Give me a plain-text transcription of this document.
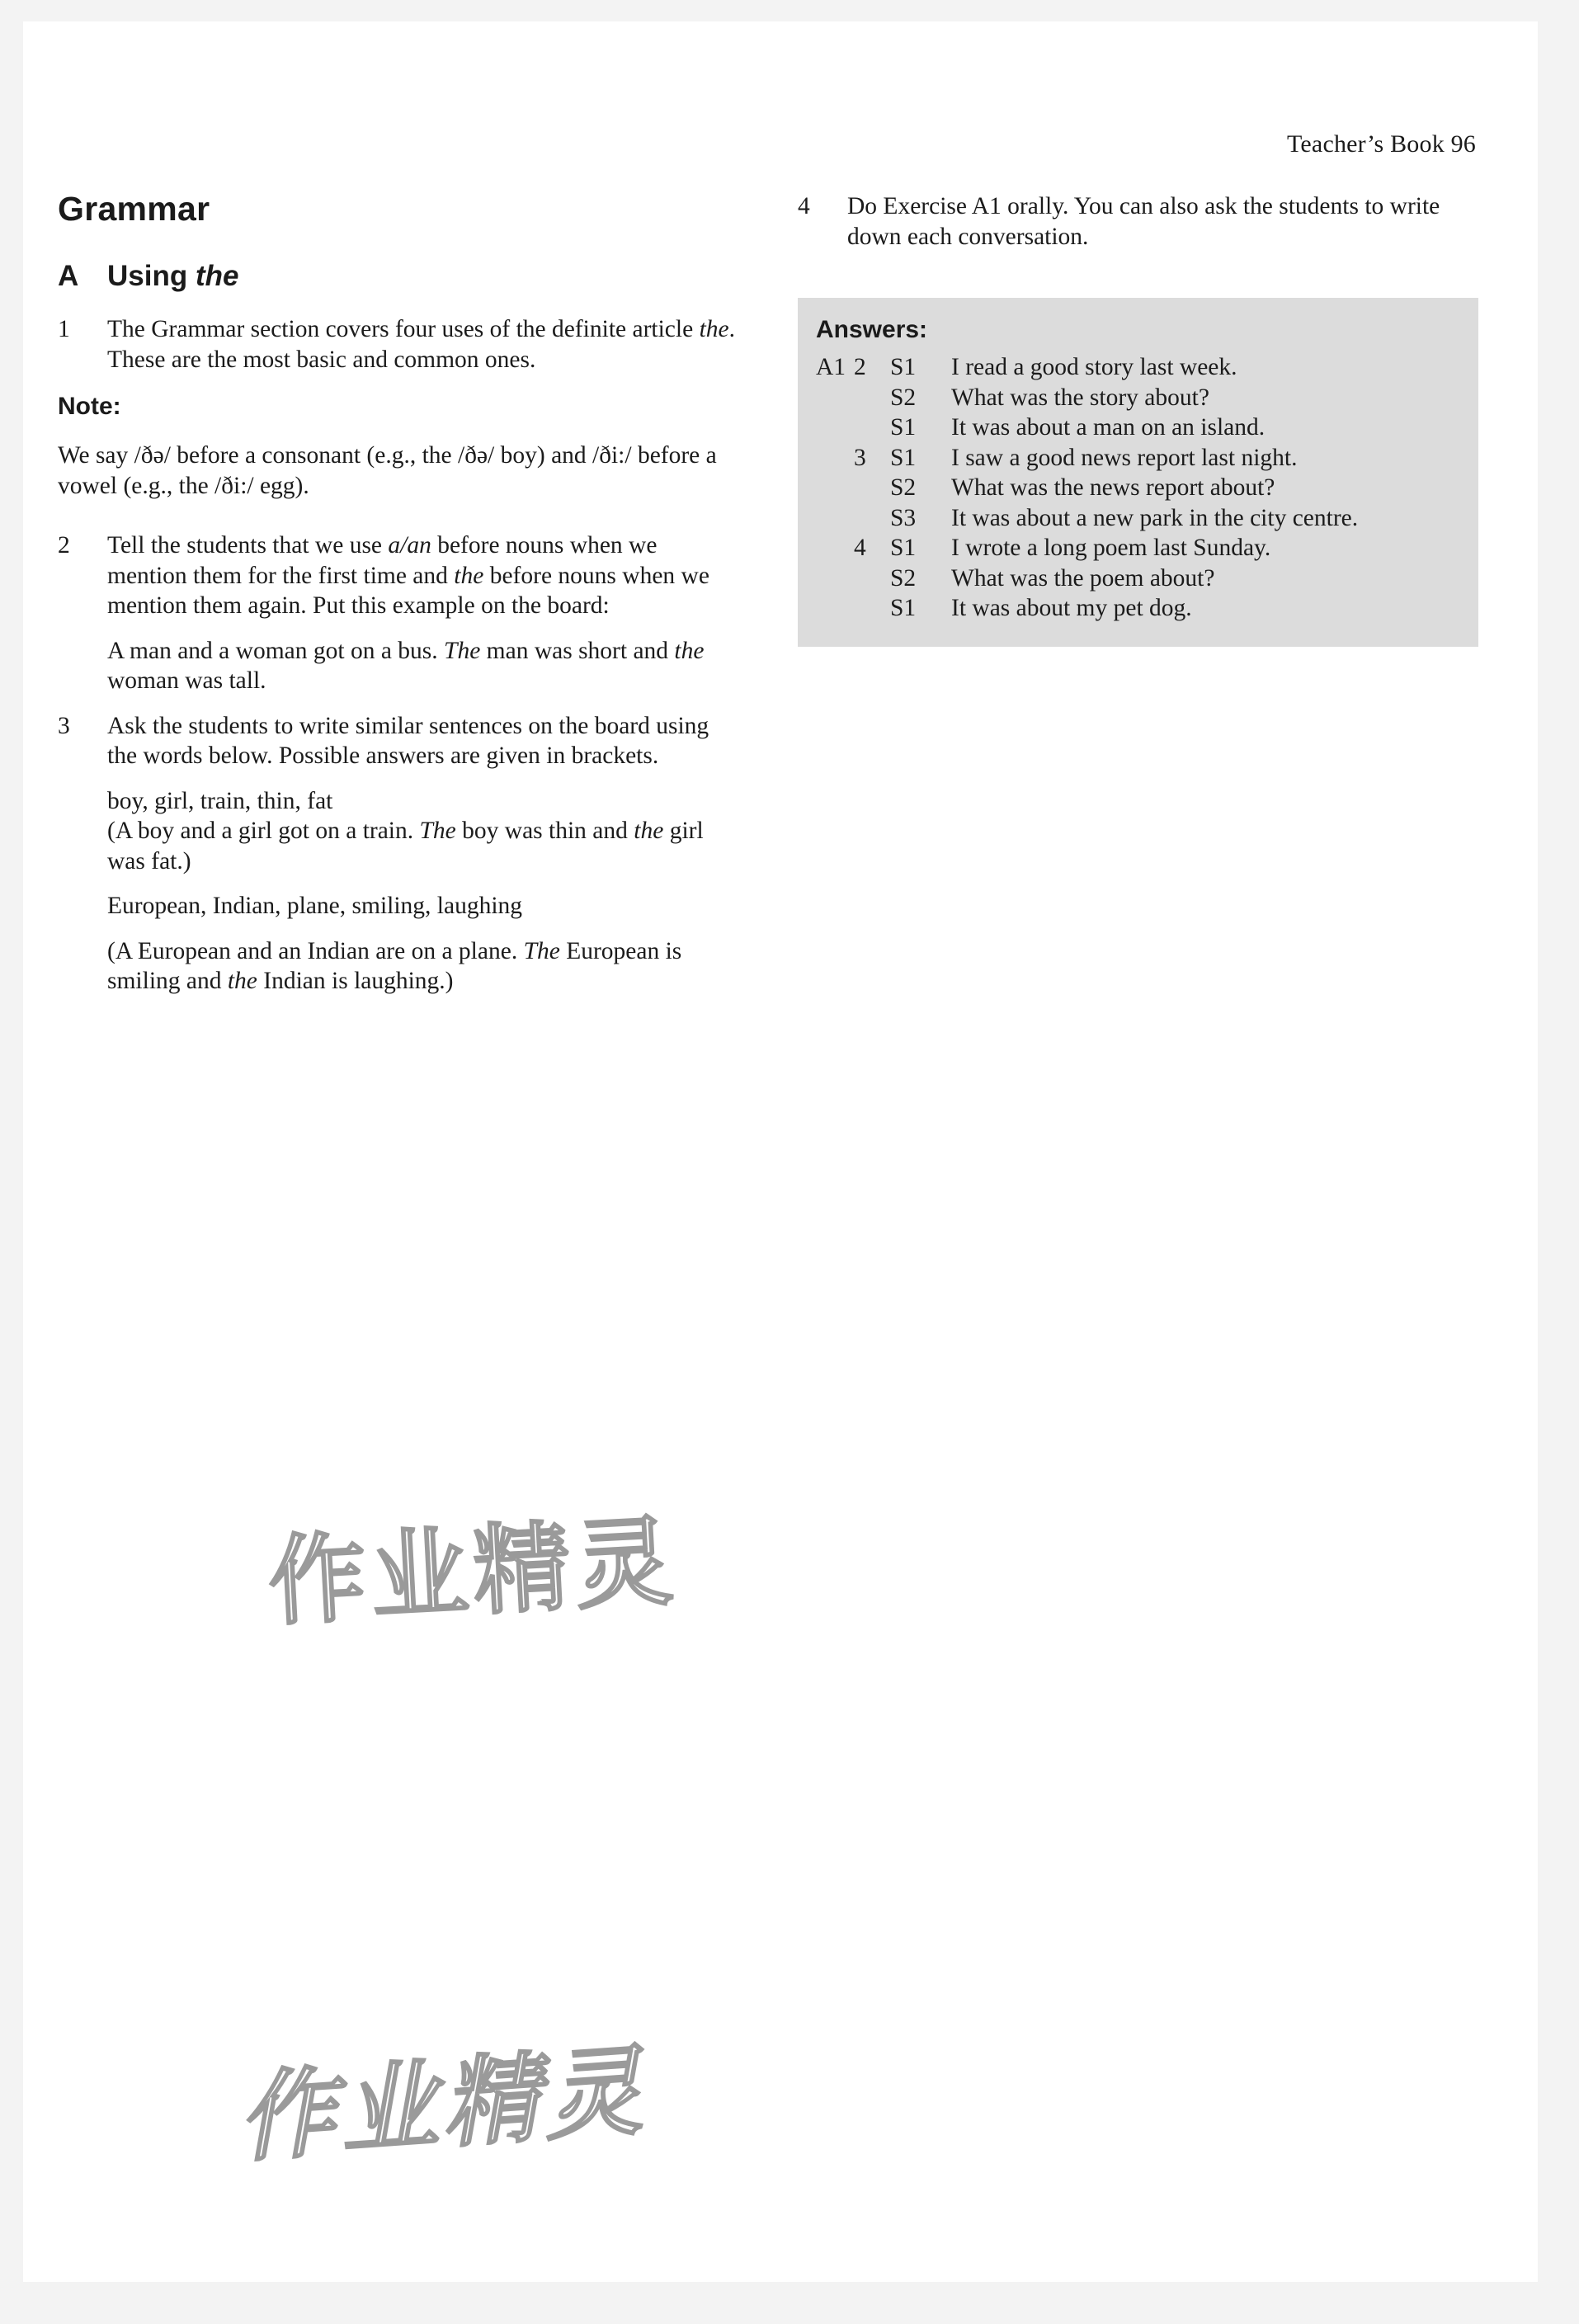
Teacher’s Book 96
Grammar
A Using the
1	The Grammar section covers four uses of the definite article the. These are the most basic and common ones.
Note:

We say /ðə/ before a consonant (e.g., the /ðə/ boy) and /ði:/ before a vowel (e.g., the /ði:/ egg).

2	Tell the students that we use a/an before nouns when we mention them for the first time and the before nouns when we mention them again. Put this example on the board:

A man and a woman got on a bus. The man was short and the woman was tall.

3	Ask the students to write similar sentences on the board using the words below. Possible answers are given in brackets.

boy, girl, train, thin, fat

(A boy and a girl got on a train. The boy was thin and the girl was fat.)

European, Indian, plane, smiling, laughing

(A European and an Indian are on a plane. The European is smiling and the Indian is laughing.)

4	Do Exercise A1 orally. You can also ask the students to write down each conversation.
Answers:
A1 2 S1	I read a good story last week.
S2	What was the story about?
S1	It was about a man on an island.
3 S1	I saw a good news report last night.
S2	What was the news report about?
S3	It was about a new park in the city centre.
4 S1	I wrote a long poem last Sunday.
S2	What was the poem about?
S1	It was about my pet dog.
作业精灵
作业精灵
